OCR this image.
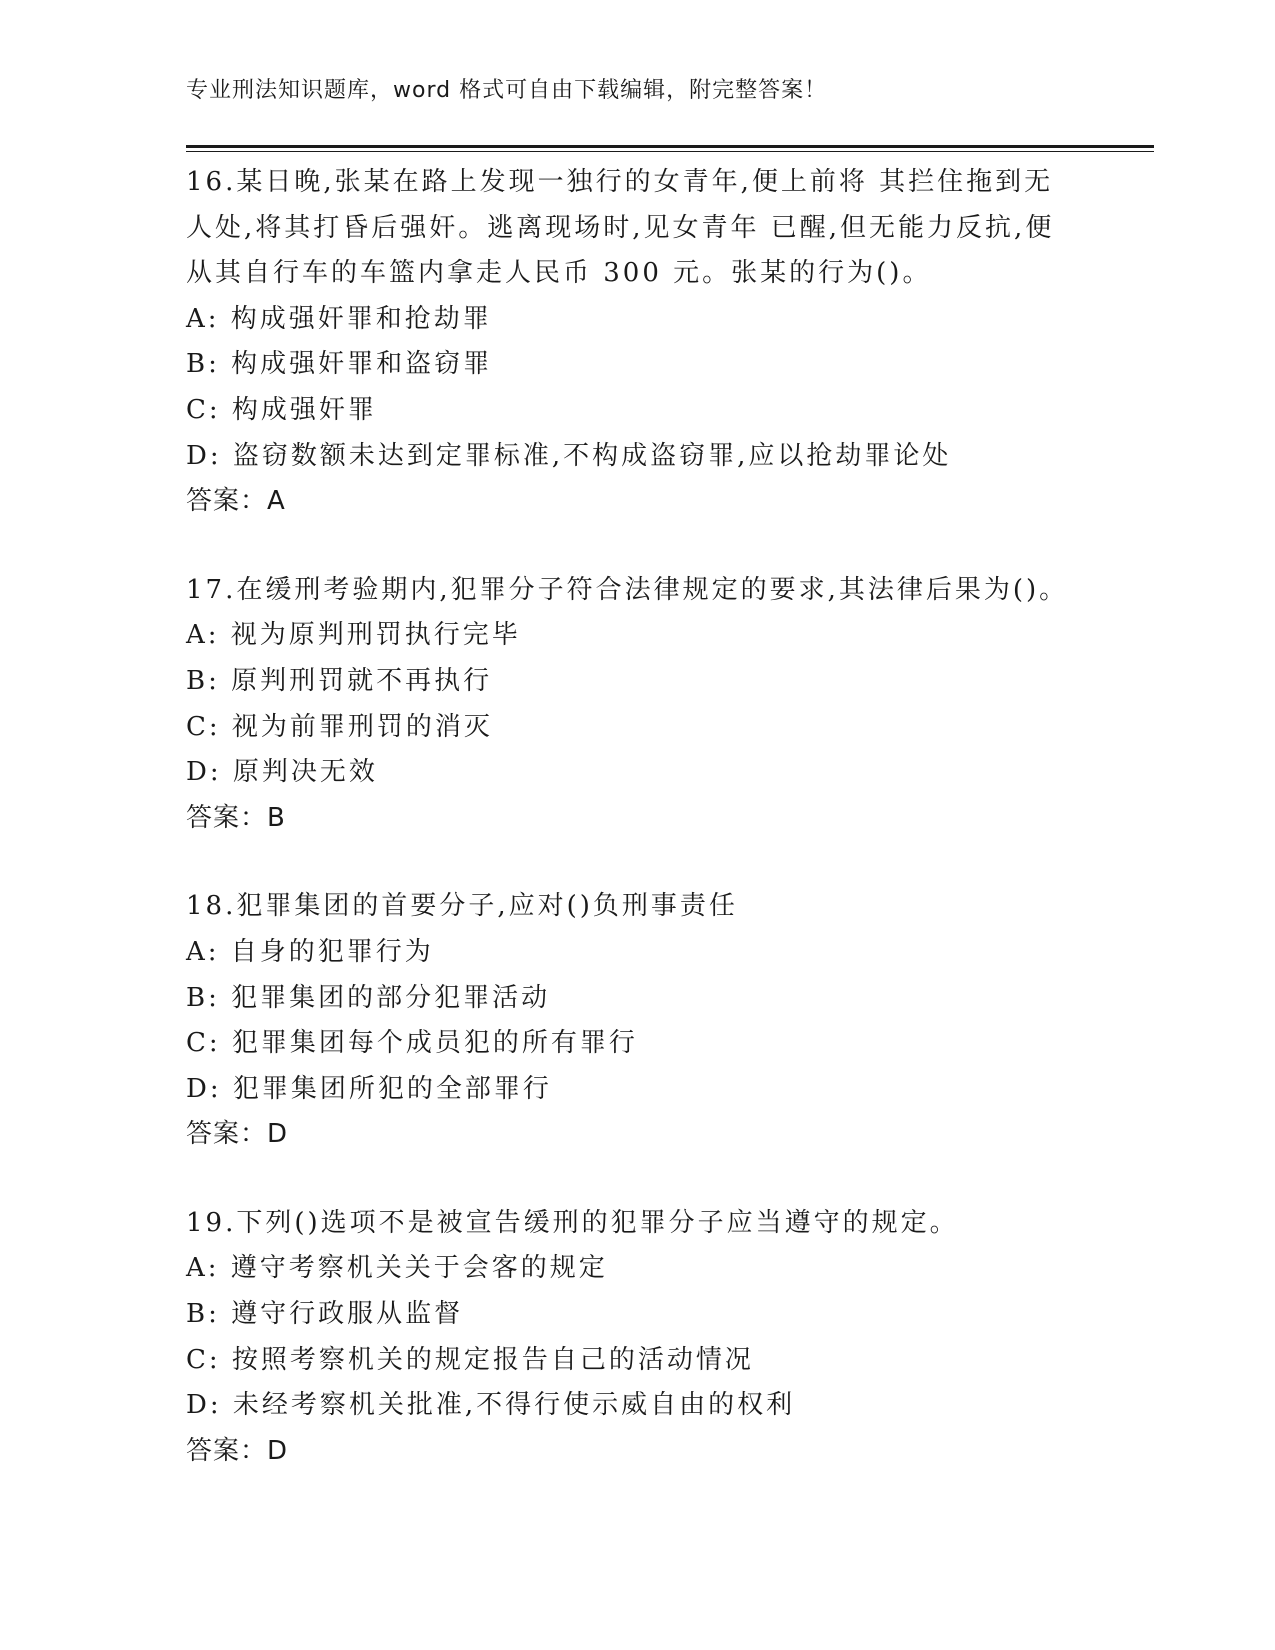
专业刑法知识题库，word 格式可自由下载编辑，附完整答案！
16.某日晚,张某在路上发现一独行的女青年,便上前将 其拦住拖到无
人处,将其打昏后强奸。逃离现场时,见女青年 已醒,但无能力反抗,便
从其自行车的车篮内拿走人民币 300 元。张某的行为()。
A: 构成强奸罪和抢劫罪
B: 构成强奸罪和盗窃罪
C: 构成强奸罪
D: 盗窃数额未达到定罪标准,不构成盗窃罪,应以抢劫罪论处
答案：A
17.在缓刑考验期内,犯罪分子符合法律规定的要求,其法律后果为()。
A: 视为原判刑罚执行完毕
B: 原判刑罚就不再执行
C: 视为前罪刑罚的消灭
D: 原判决无效
答案：B
18.犯罪集团的首要分子,应对()负刑事责任
A: 自身的犯罪行为
B: 犯罪集团的部分犯罪活动
C: 犯罪集团每个成员犯的所有罪行
D: 犯罪集团所犯的全部罪行
答案：D
19.下列()选项不是被宣告缓刑的犯罪分子应当遵守的规定。
A: 遵守考察机关关于会客的规定
B: 遵守行政服从监督
C: 按照考察机关的规定报告自己的活动情况
D: 未经考察机关批准,不得行使示威自由的权利
答案：D
